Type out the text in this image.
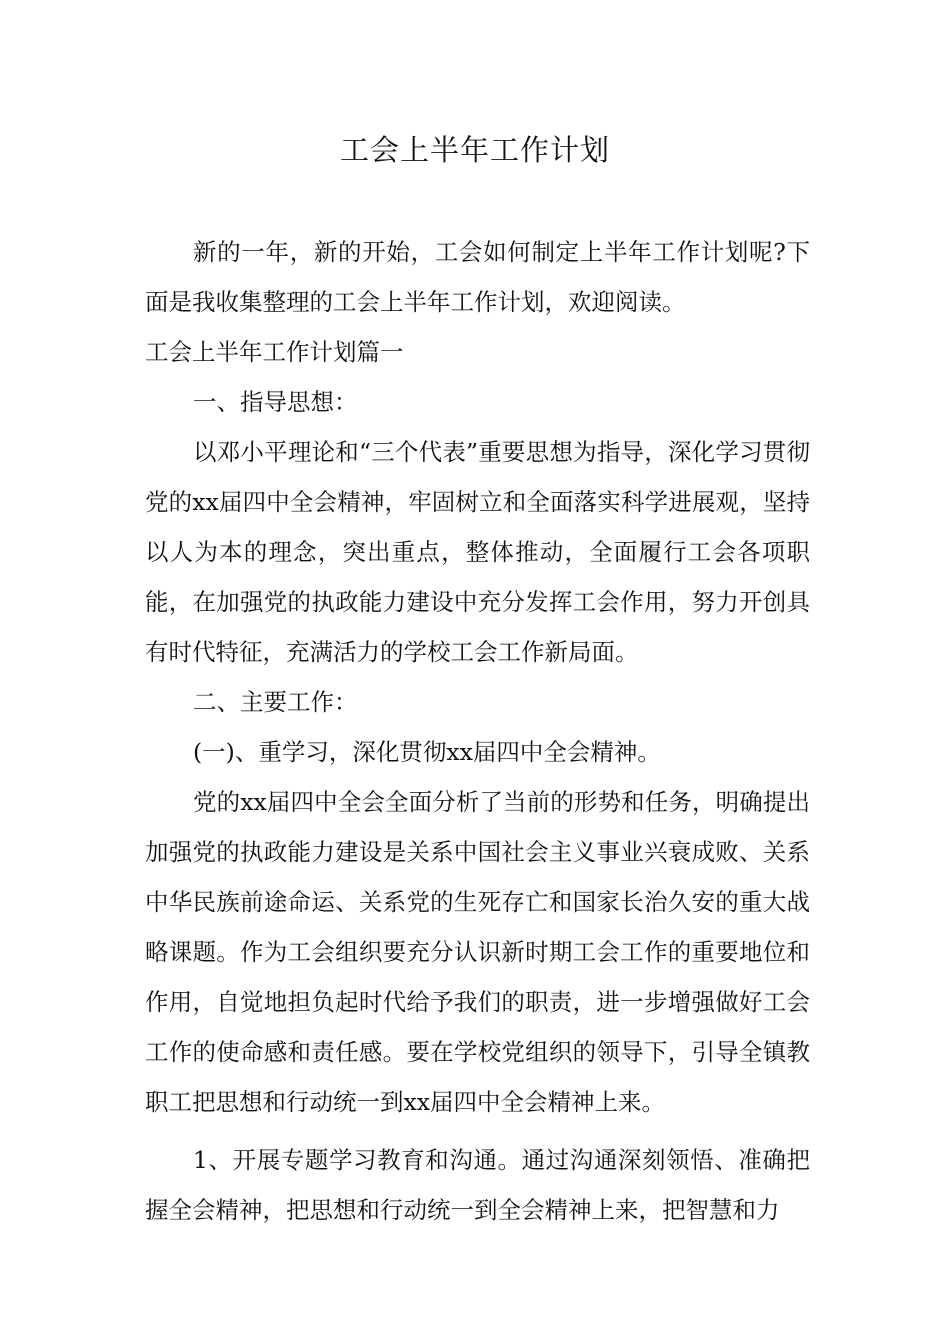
工会上半年工作计划

新的一年，新的开始，工会如何制定上半年工作计划呢?下面是我收集整理的工会上半年工作计划，欢迎阅读。

工会上半年工作计划篇一

一、指导思想：

以邓小平理论和“三个代表”重要思想为指导，深化学习贯彻党的xx届四中全会精神，牢固树立和全面落实科学进展观，坚持以人为本的理念，突出重点，整体推动，全面履行工会各项职能，在加强党的执政能力建设中充分发挥工会作用，努力开创具有时代特征，充满活力的学校工会工作新局面。

二、主要工作：

(一)、重学习，深化贯彻xx届四中全会精神。

党的xx届四中全会全面分析了当前的形势和任务，明确提出加强党的执政能力建设是关系中国社会主义事业兴衰成败、关系中华民族前途命运、关系党的生死存亡和国家长治久安的重大战略课题。作为工会组织要充分认识新时期工会工作的重要地位和作用，自觉地担负起时代给予我们的职责，进一步增强做好工会工作的使命感和责任感。要在学校党组织的领导下，引导全镇教职工把思想和行动统一到xx届四中全会精神上来。

1、开展专题学习教育和沟通。通过沟通深刻领悟、准确把握全会精神，把思想和行动统一到全会精神上来，把智慧和力
